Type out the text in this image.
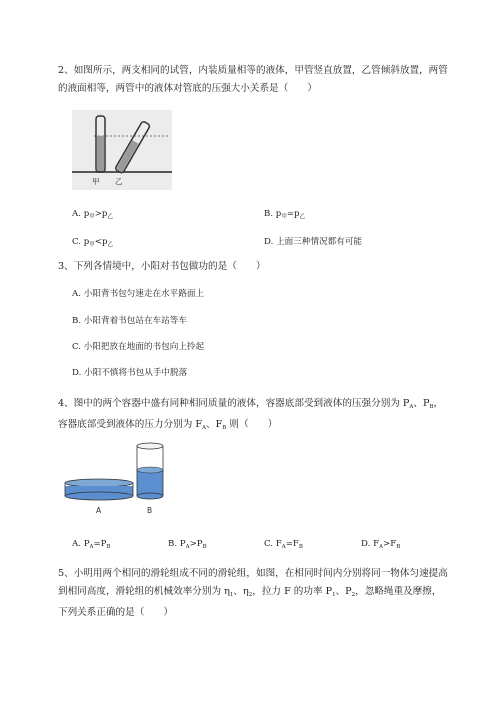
2、如图所示，两支相同的试管，内装质量相等的液体，甲管竖直放置，乙管倾斜放置，两管的液面相等，两管中的液体对管底的压强大小关系是（　　）
甲 乙
A. $p_甲>p_乙$	B. $p_甲=p_乙$
C. $p_甲<p_乙$	D. 上面三种情况都有可能
3、下列各情境中，小阳对书包做功的是（　　）
A. 小阳背书包匀速走在水平路面上
B. 小阳背着书包站在车站等车
C. 小阳把放在地面的书包向上拎起
D. 小阳不慎将书包从手中脱落
4、图中的两个容器中盛有同种相同质量的液体，容器底部受到液体的压强分别为 $P_A$、$P_B$，容器底部受到液体的压力分别为 $F_A$、$F_B$ 则（　　）
A	B
A. $P_A=P_B$	B. $P_A>P_B$	C. $F_A=F_B$	D. $F_A>F_B$
5、小明用两个相同的滑轮组成不同的滑轮组，如图，在相同时间内分别将同一物体匀速提高到相同高度，滑轮组的机械效率分别为 $\eta_1$、$\eta_2$，拉力 F 的功率 $P_1$、$P_2$，忽略绳重及摩擦，下列关系正确的是（　　）
